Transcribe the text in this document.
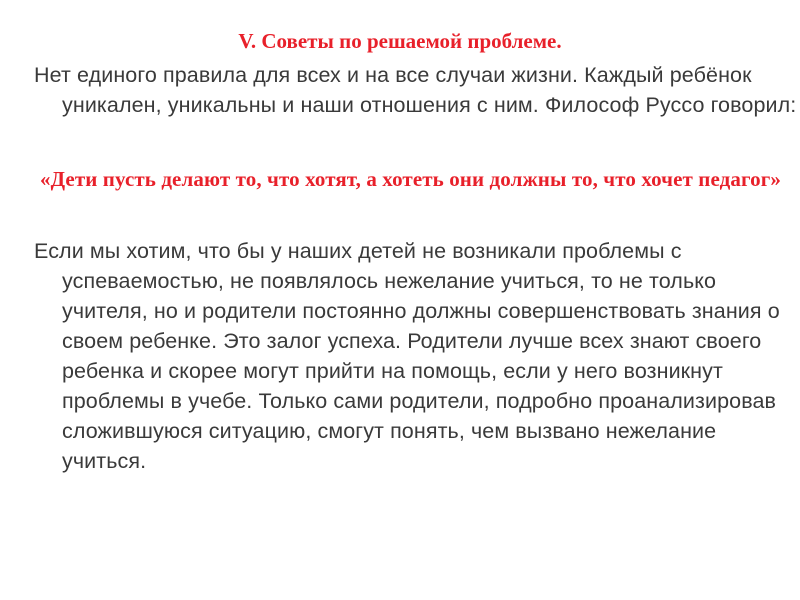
V. Советы по решаемой проблеме.
Нет единого правила для всех и на все случаи жизни. Каждый ребёнок уникален, уникальны и наши отношения с ним. Философ Руссо говорил:
«Дети пусть делают то, что хотят, а хотеть они должны то, что хочет педагог»
Если мы хотим, что бы у наших детей не возникали проблемы с успеваемостью, не появлялось нежелание учиться, то не только учителя, но и родители постоянно должны совершенствовать знания о своем ребенке. Это залог успеха. Родители лучше всех знают своего ребенка и скорее могут прийти на помощь, если у него возникнут проблемы в учебе. Только сами родители, подробно проанализировав сложившуюся ситуацию, смогут понять, чем вызвано нежелание учиться.
